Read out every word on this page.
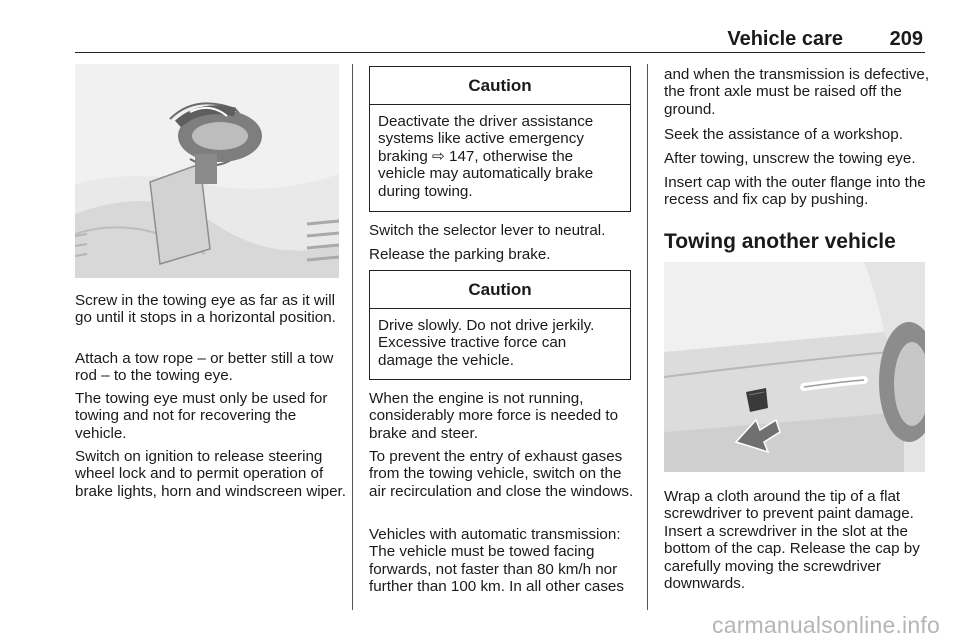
Vehicle care 209

Screw in the towing eye as far as it will go until it stops in a horizontal position.

Attach a tow rope – or better still a tow rod – to the towing eye.

The towing eye must only be used for towing and not for recovering the vehicle.

Switch on ignition to release steering wheel lock and to permit operation of brake lights, horn and windscreen wiper.

Caution
Deactivate the driver assistance systems like active emergency braking ⇨ 147, otherwise the vehicle may automatically brake during towing.

Switch the selector lever to neutral.

Release the parking brake.

Caution
Drive slowly. Do not drive jerkily. Excessive tractive force can damage the vehicle.

When the engine is not running, considerably more force is needed to brake and steer.

To prevent the entry of exhaust gases from the towing vehicle, switch on the air recirculation and close the windows.

Vehicles with automatic transmission: The vehicle must be towed facing forwards, not faster than 80 km/h nor further than 100 km. In all other cases

and when the transmission is defective, the front axle must be raised off the ground.

Seek the assistance of a workshop.

After towing, unscrew the towing eye.

Insert cap with the outer flange into the recess and fix cap by pushing.

Towing another vehicle

Wrap a cloth around the tip of a flat screwdriver to prevent paint damage. Insert a screwdriver in the slot at the bottom of the cap. Release the cap by carefully moving the screwdriver downwards.

carmanualsonline.info
